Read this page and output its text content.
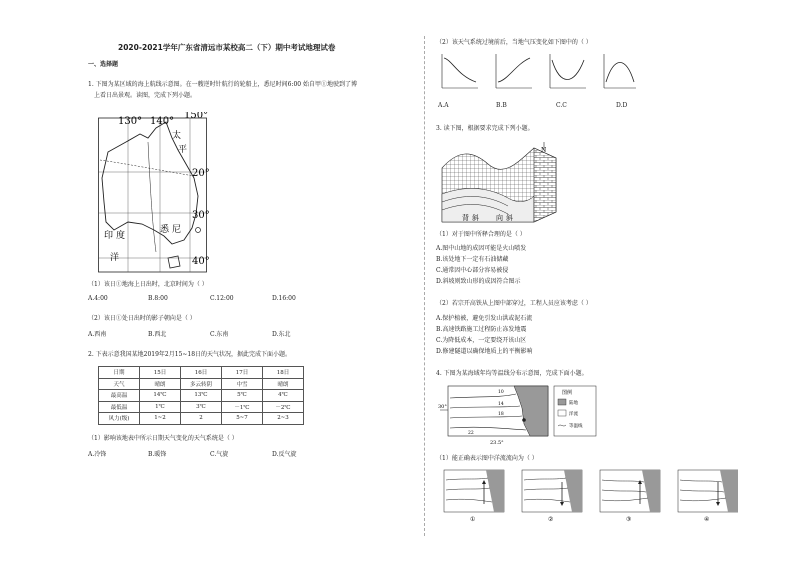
2020-2021学年广东省清远市某校高二（下）期中考试地理试卷
一、选择题
1. 下图为某区域的海上航线示意图。在一艘逆时针航行的轮船上，悉尼时间6:00 始自甲①地驶到了博
上看日出景观。读图，完成下列小题。
130° 140°
150°
20°
30°
40°
太
平
印 度
洋
悉 尼
（1）该日①地海上日出时，北京时间为（ ）
A.4:00	B.8:00	C.12:00	D.16:00
（2）该日①处日出时的影子朝向是（ ）
A.西南	B.西北	C.东南	D.东北
2. 下表示意我国某地2019年2月15~18日的天气状况，据此完成下面小题。
日期	15日	16日	17日	18日
天气	晴朗	多云转阴	中雪	晴朗
最高温	14℃	13℃	5℃	4℃
最低温	1℃	3℃	－1℃	－2℃
风力(级)	1~2	2	5~7	2~3
（1）影响该地表中所示日期天气变化的天气系统是（ ）
A.冷锋	B.暖锋	C.气旋	D.反气旋
（2）该天气系统过境前后，当地气压变化如下图中的（ ）
A.A	B.B	C.C	D.D
3. 读下图，根据要求完成下列小题。
N
背 斜 向 斜
（1）对于图中所释合理的是（ ）
A.图中山地的成因可能是火山喷发
B.该处地下一定有石油储藏
C.通常因中心部分容易被侵
D.斜坡则致山形的成因符合图示
（2）若宗开高铁从上图中部穿过，工程人员应该考虑（ ）
A.保护植被，避免引发山洪或泥石流
B.高速铁路施工过程防止冻发地震
C.为降低成本，一定要绕开该山区
D.修建隧道以确保地质上的平衡影响
4. 下图为某海域年均等温线分布示意图，完成下面小题。
30°
23.5°
10
14
18
22
图例
陆地
洋流
等温线
（1）能正确表示图中洋流流向为（ ）
①	②	③	④
